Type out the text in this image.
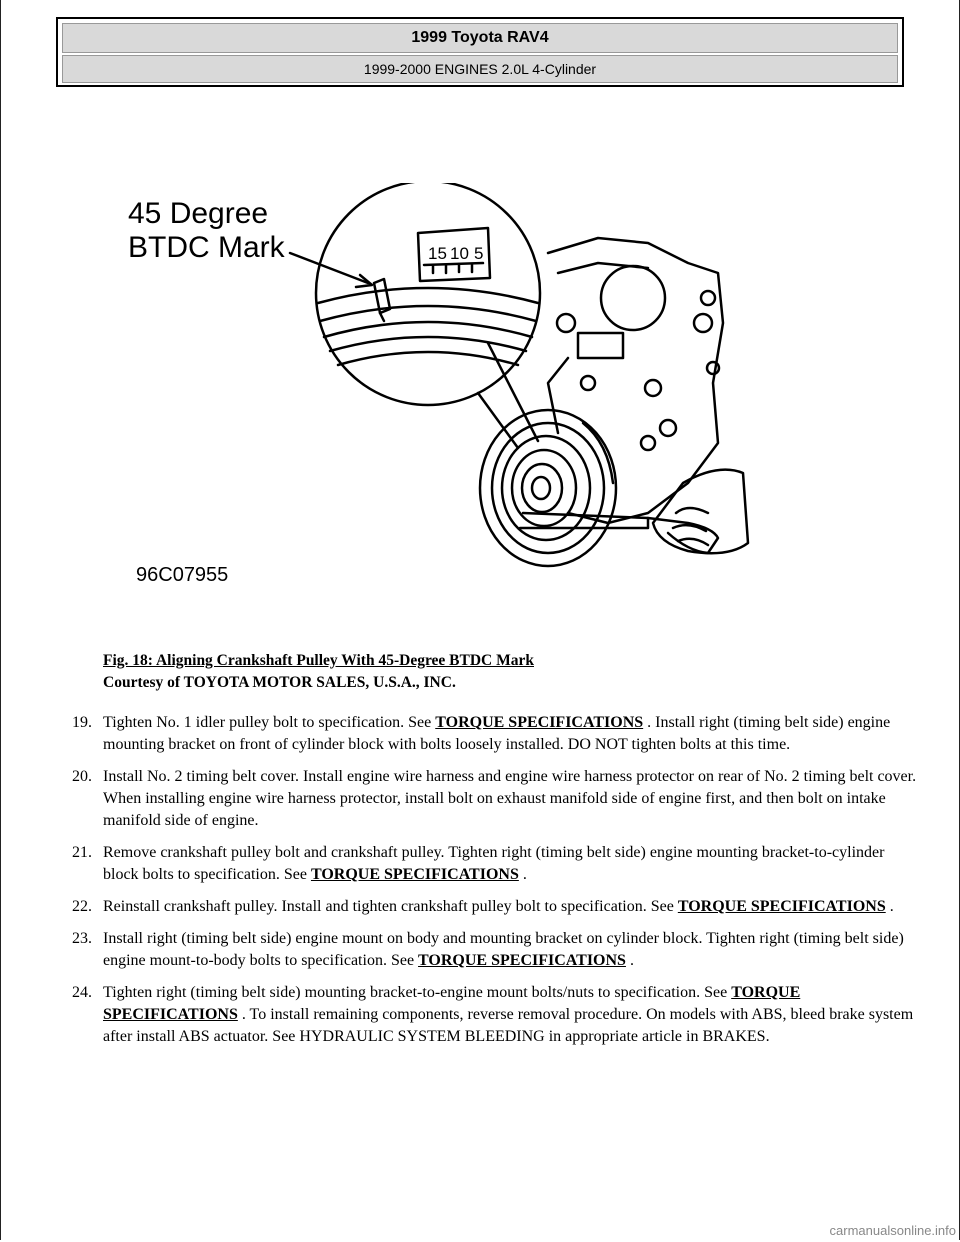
1999 Toyota RAV4
1999-2000 ENGINES 2.0L 4-Cylinder
45 Degree
BTDC Mark	15 10 5
96C07955
Fig. 18: Aligning Crankshaft Pulley With 45-Degree BTDC Mark
Courtesy of TOYOTA MOTOR SALES, U.S.A., INC.
19. Tighten No. 1 idler pulley bolt to specification. See TORQUE SPECIFICATIONS . Install right (timing belt side) engine mounting bracket on front of cylinder block with bolts loosely installed. DO NOT tighten bolts at this time.
20. Install No. 2 timing belt cover. Install engine wire harness and engine wire harness protector on rear of No. 2 timing belt cover. When installing engine wire harness protector, install bolt on exhaust manifold side of engine first, and then bolt on intake manifold side of engine.
21. Remove crankshaft pulley bolt and crankshaft pulley. Tighten right (timing belt side) engine mounting bracket-to-cylinder block bolts to specification. See TORQUE SPECIFICATIONS .
22. Reinstall crankshaft pulley. Install and tighten crankshaft pulley bolt to specification. See TORQUE SPECIFICATIONS .
23. Install right (timing belt side) engine mount on body and mounting bracket on cylinder block. Tighten right (timing belt side) engine mount-to-body bolts to specification. See TORQUE SPECIFICATIONS .
24. Tighten right (timing belt side) mounting bracket-to-engine mount bolts/nuts to specification. See TORQUE SPECIFICATIONS . To install remaining components, reverse removal procedure. On models with ABS, bleed brake system after install ABS actuator. See HYDRAULIC SYSTEM BLEEDING in appropriate article in BRAKES.
carmanualsonline.info
